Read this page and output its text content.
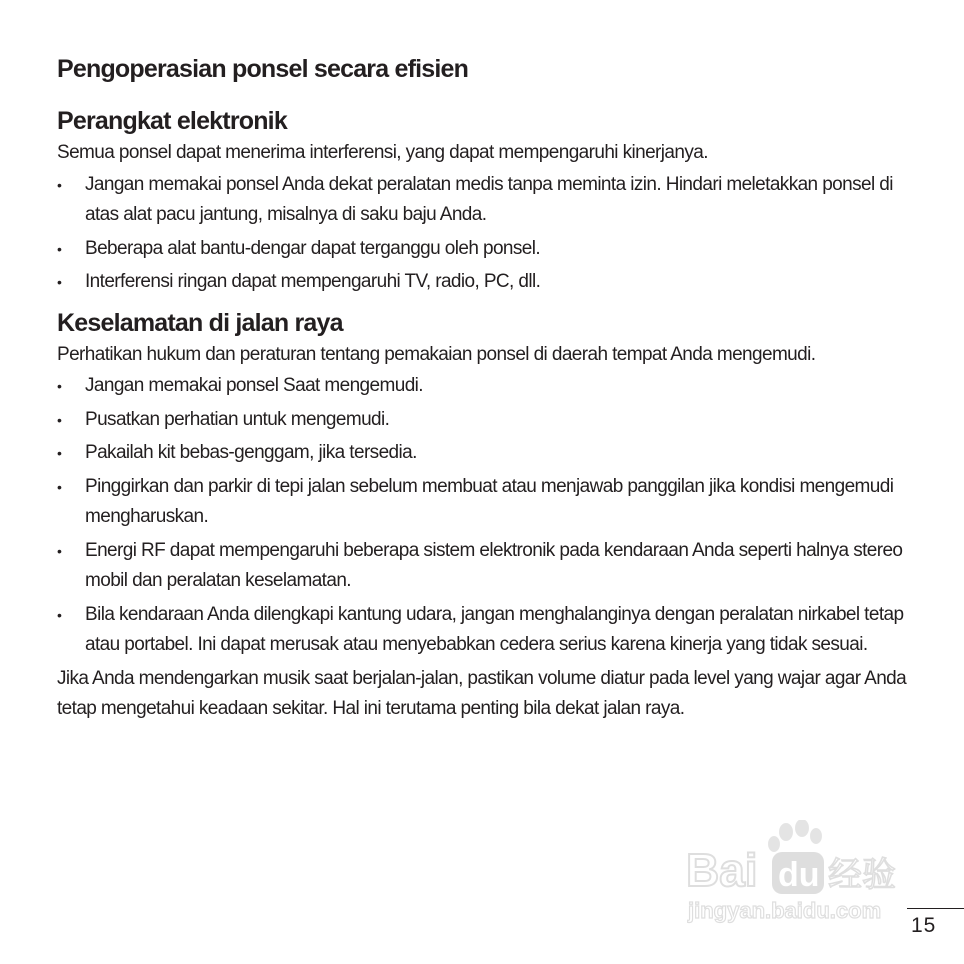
Pengoperasian ponsel secara efisien
Perangkat elektronik

Semua ponsel dapat menerima interferensi, yang dapat mempengaruhi kinerjanya.

• Jangan memakai ponsel Anda dekat peralatan medis tanpa meminta izin. Hindari meletakkan ponsel di atas alat pacu jantung, misalnya di saku baju Anda.
• Beberapa alat bantu-dengar dapat terganggu oleh ponsel.
• Interferensi ringan dapat mempengaruhi TV, radio, PC, dll.
Keselamatan di jalan raya

Perhatikan hukum dan peraturan tentang pemakaian ponsel di daerah tempat Anda mengemudi.

• Jangan memakai ponsel Saat mengemudi.
• Pusatkan perhatian untuk mengemudi.
• Pakailah kit bebas-genggam, jika tersedia.
• Pinggirkan dan parkir di tepi jalan sebelum membuat atau menjawab panggilan jika kondisi mengemudi mengharuskan.
• Energi RF dapat mempengaruhi beberapa sistem elektronik pada kendaraan Anda seperti halnya stereo mobil dan peralatan keselamatan.
• Bila kendaraan Anda dilengkapi kantung udara, jangan menghalanginya dengan peralatan nirkabel tetap atau portabel. Ini dapat merusak atau menyebabkan cedera serius karena kinerja yang tidak sesuai.

Jika Anda mendengarkan musik saat berjalan-jalan, pastikan volume diatur pada level yang wajar agar Anda tetap mengetahui keadaan sekitar. Hal ini terutama penting bila dekat jalan raya.

Bai du 经验
jingyan.baidu.com
15
